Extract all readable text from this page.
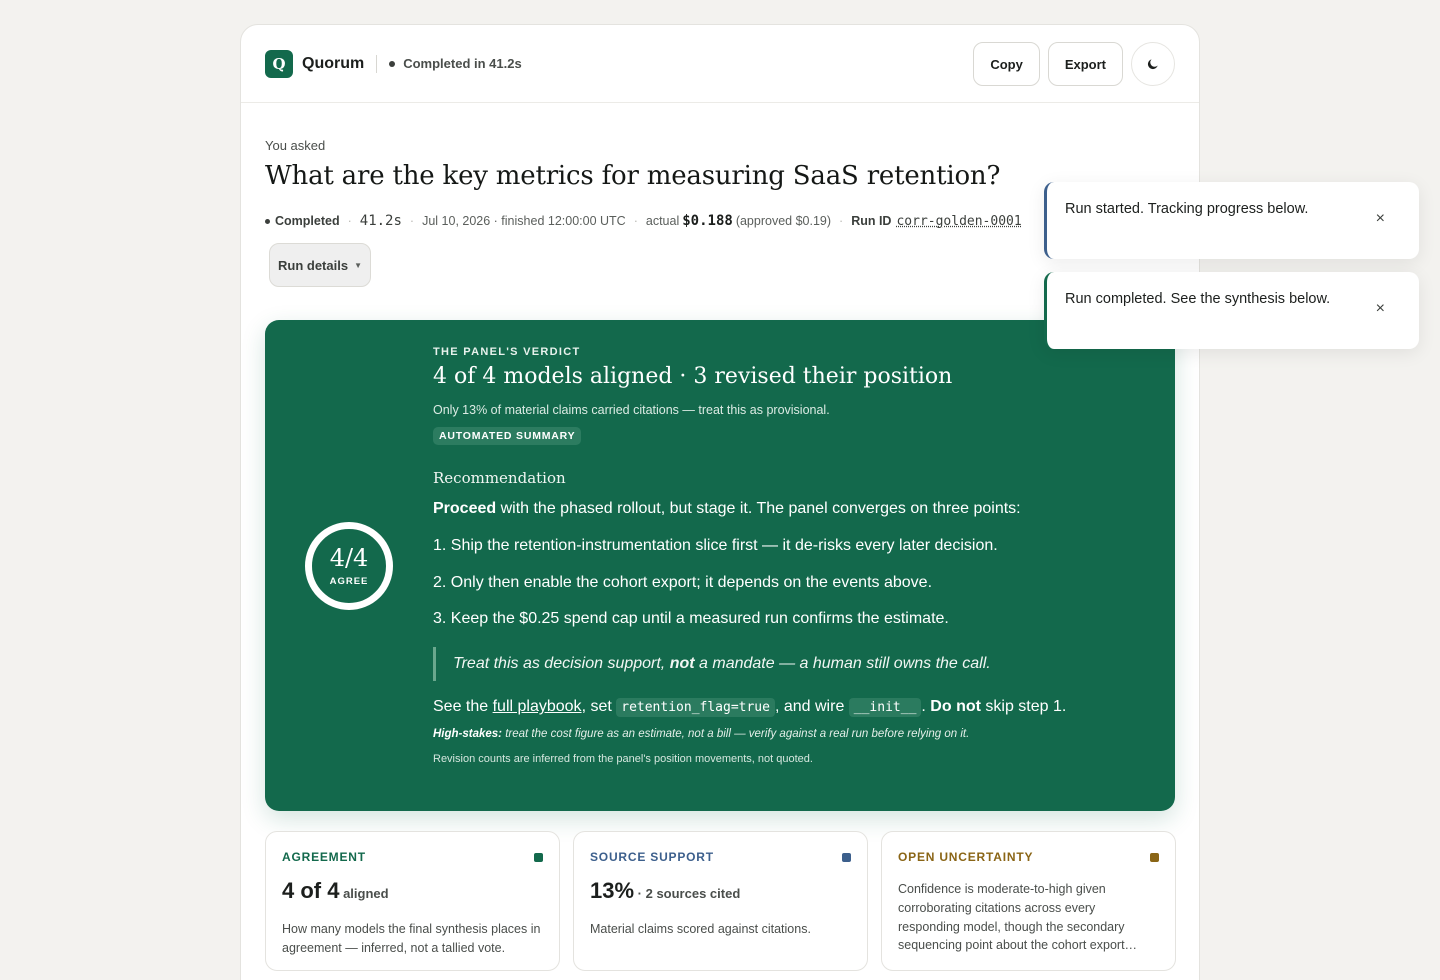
Q	Quorum	Completed in 41.2s	Copy	Export
You asked
What are the key metrics for measuring SaaS retention?
Completed · 41.2s · Jul 10, 2026 · finished 12:00:00 UTC · actual $0.188 (approved $0.19) · Run ID corr-golden-0001
Run details ▼
4/4
AGREE
THE PANEL'S VERDICT
4 of 4 models aligned · 3 revised their position
Only 13% of material claims carried citations — treat this as provisional.
AUTOMATED SUMMARY
Recommendation
Proceed with the phased rollout, but stage it. The panel converges on three points:
1. Ship the retention-instrumentation slice first — it de-risks every later decision.
2. Only then enable the cohort export; it depends on the events above.
3. Keep the $0.25 spend cap until a measured run confirms the estimate.
Treat this as decision support, not a mandate — a human still owns the call.
See the full playbook, set retention_flag=true , and wire __init__ . Do not skip step 1.
High-stakes: treat the cost figure as an estimate, not a bill — verify against a real run before relying on it.
Revision counts are inferred from the panel's position movements, not quoted.
AGREEMENT
4 of 4 aligned
How many models the final synthesis places in agreement — inferred, not a tallied vote.
SOURCE SUPPORT
13% · 2 sources cited
Material claims scored against citations.
OPEN UNCERTAINTY
Confidence is moderate-to-high given corroborating citations across every responding model, though the secondary sequencing point about the cohort export…
Run started. Tracking progress below.
×
Run completed. See the synthesis below.
×
